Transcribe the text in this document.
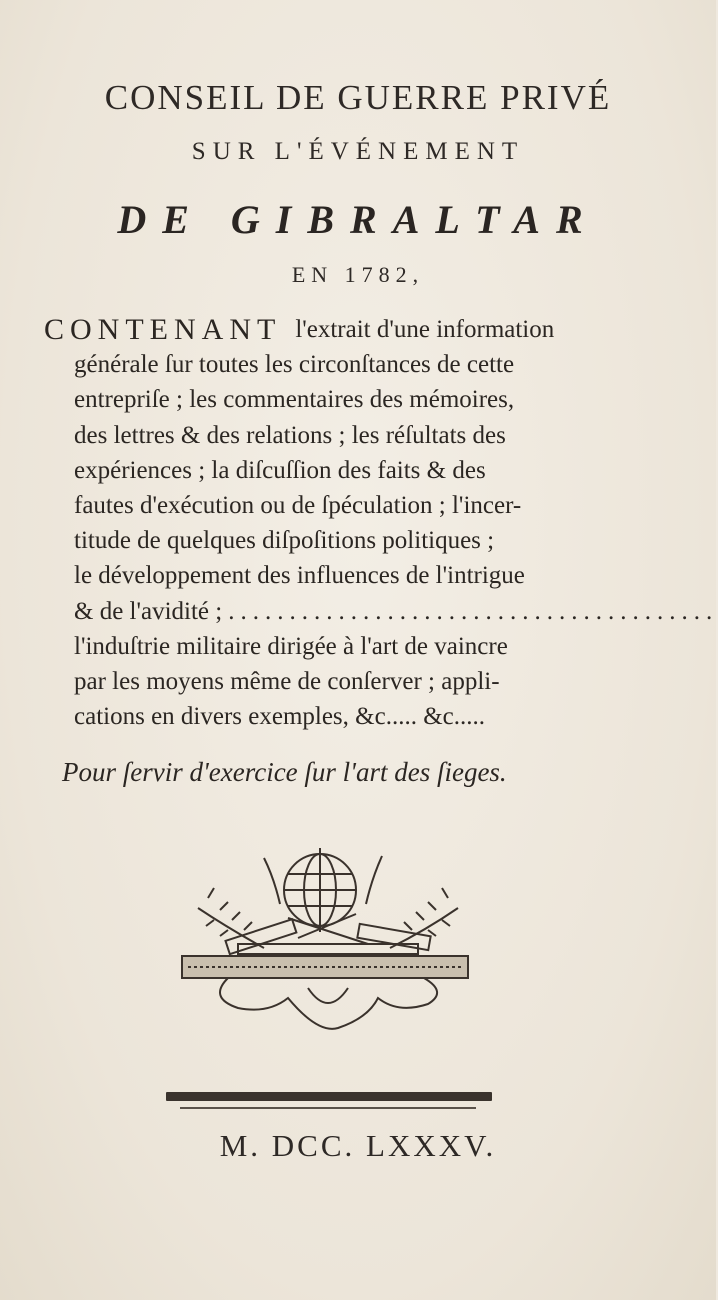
CONSEIL DE GUERRE PRIVÉ
SUR L'ÉVÉNEMENT
DE GIBRALTAR
EN 1782,
CONTENANT l'extrait d'une information
générale ſur toutes les circonſtances de cette
entrepriſe ; les commentaires des mémoires,
des lettres & des relations ; les réſultats des
expériences ; la diſcuſſion des faits & des
fautes d'exécution ou de ſpéculation ; l'incer-
titude de quelques diſpoſitions politiques ;
le développement des influences de l'intrigue
& de l'avidité ; ........................................
l'induſtrie militaire dirigée à l'art de vaincre
par les moyens même de conſerver ; appli-
cations en divers exemples, &c..... &c.....
Pour ſervir d'exercice ſur l'art des ſieges.
M. DCC. LXXXV.
